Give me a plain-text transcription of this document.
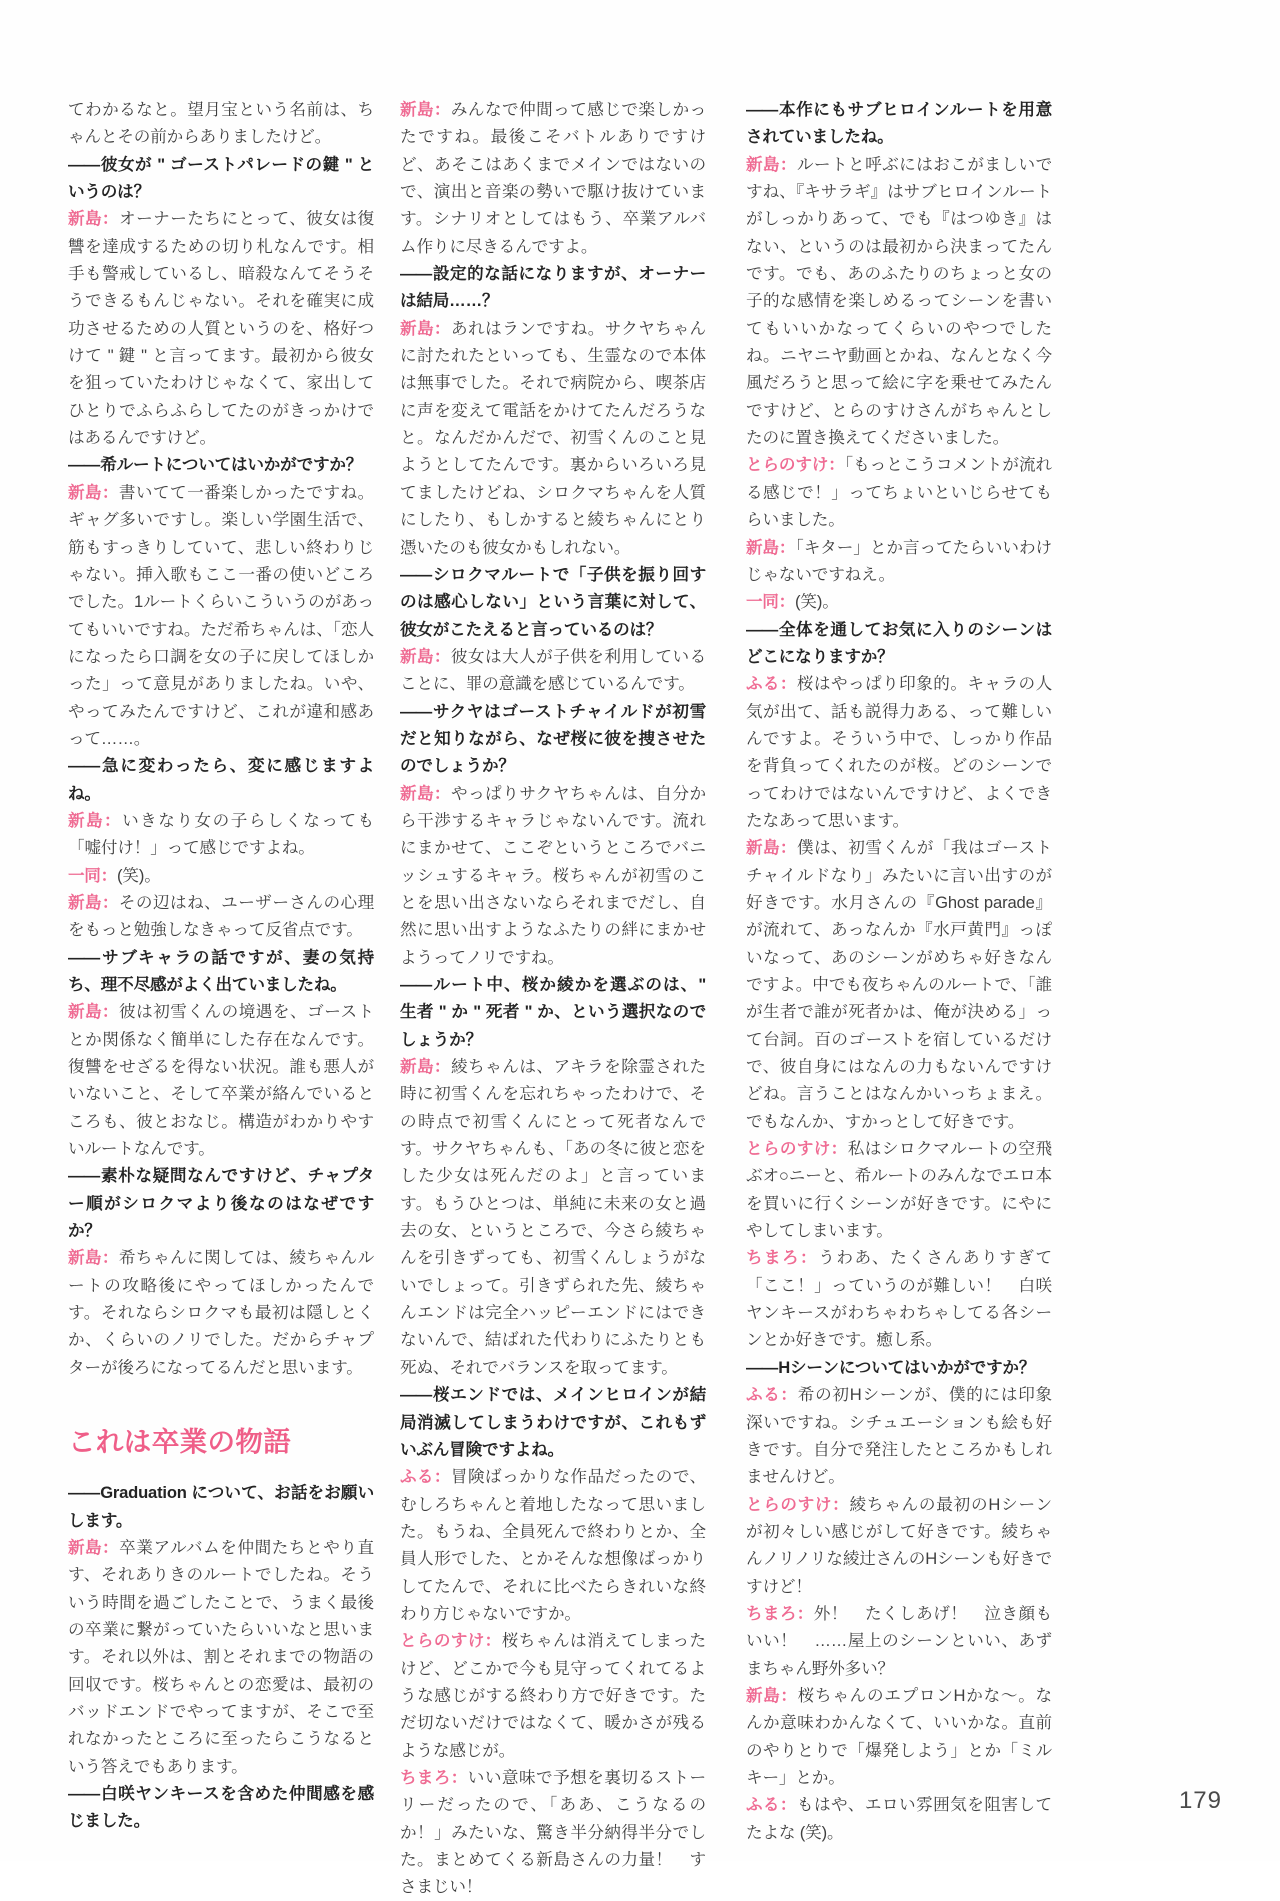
てわかるなと。望月宝という名前は、ちゃんとその前からありましたけど。

——彼女が " ゴーストパレードの鍵 " というのは？

新島：オーナーたちにとって、彼女は復讐を達成するための切り札なんです。相手も警戒しているし、暗殺なんてそうそうできるもんじゃない。それを確実に成功させるための人質というのを、格好つけて " 鍵 " と言ってます。最初から彼女を狙っていたわけじゃなくて、家出してひとりでふらふらしてたのがきっかけではあるんですけど。

——希ルートについてはいかがですか？

新島：書いてて一番楽しかったですね。ギャグ多いですし。楽しい学園生活で、筋もすっきりしていて、悲しい終わりじゃない。挿入歌もここ一番の使いどころでした。1ルートくらいこういうのがあってもいいですね。ただ希ちゃんは、「恋人になったら口調を女の子に戻してほしかった」って意見がありましたね。いや、やってみたんですけど、これが違和感あって……。

——急に変わったら、変に感じますよね。

新島：いきなり女の子らしくなっても「嘘付け！」って感じですよね。

一同：(笑)。

新島：その辺はね、ユーザーさんの心理をもっと勉強しなきゃって反省点です。

——サブキャラの話ですが、妻の気持ち、理不尽感がよく出ていましたね。

新島：彼は初雪くんの境遇を、ゴーストとか関係なく簡単にした存在なんです。復讐をせざるを得ない状況。誰も悪人がいないこと、そして卒業が絡んでいるところも、彼とおなじ。構造がわかりやすいルートなんです。

——素朴な疑問なんですけど、チャプター順がシロクマより後なのはなぜですか？

新島：希ちゃんに関しては、綾ちゃんルートの攻略後にやってほしかったんです。それならシロクマも最初は隠しとくか、くらいのノリでした。だからチャプターが後ろになってるんだと思います。

これは卒業の物語

——Graduation について、お話をお願いします。

新島：卒業アルバムを仲間たちとやり直す、それありきのルートでしたね。そういう時間を過ごしたことで、うまく最後の卒業に繋がっていたらいいなと思います。それ以外は、割とそれまでの物語の回収です。桜ちゃんとの恋愛は、最初のバッドエンドでやってますが、そこで至れなかったところに至ったらこうなるという答えでもあります。

——白咲ヤンキースを含めた仲間感を感じました。

新島：みんなで仲間って感じで楽しかったですね。最後こそバトルありですけど、あそこはあくまでメインではないので、演出と音楽の勢いで駆け抜けています。シナリオとしてはもう、卒業アルバム作りに尽きるんですよ。

——設定的な話になりますが、オーナーは結局……？

新島：あれはランですね。サクヤちゃんに討たれたといっても、生霊なので本体は無事でした。それで病院から、喫茶店に声を変えて電話をかけてたんだろうなと。なんだかんだで、初雪くんのこと見ようとしてたんです。裏からいろいろ見てましたけどね、シロクマちゃんを人質にしたり、もしかすると綾ちゃんにとり憑いたのも彼女かもしれない。

——シロクマルートで「子供を振り回すのは感心しない」という言葉に対して、彼女がこたえると言っているのは？

新島：彼女は大人が子供を利用していることに、罪の意識を感じているんです。

——サクヤはゴーストチャイルドが初雪だと知りながら、なぜ桜に彼を捜させたのでしょうか？

新島：やっぱりサクヤちゃんは、自分から干渉するキャラじゃないんです。流れにまかせて、ここぞというところでバニッシュするキャラ。桜ちゃんが初雪のことを思い出さないならそれまでだし、自然に思い出すようなふたりの絆にまかせようってノリですね。

——ルート中、桜か綾かを選ぶのは、" 生者 " か " 死者 " か、という選択なのでしょうか？

新島：綾ちゃんは、アキラを除霊された時に初雪くんを忘れちゃったわけで、その時点で初雪くんにとって死者なんです。サクヤちゃんも、「あの冬に彼と恋をした少女は死んだのよ」と言っています。もうひとつは、単純に未来の女と過去の女、というところで、今さら綾ちゃんを引きずっても、初雪くんしょうがないでしょって。引きずられた先、綾ちゃんエンドは完全ハッピーエンドにはできないんで、結ばれた代わりにふたりとも死ぬ、それでバランスを取ってます。

——桜エンドでは、メインヒロインが結局消滅してしまうわけですが、これもずいぶん冒険ですよね。

ふる：冒険ばっかりな作品だったので、むしろちゃんと着地したなって思いました。もうね、全員死んで終わりとか、全員人形でした、とかそんな想像ばっかりしてたんで、それに比べたらきれいな終わり方じゃないですか。

とらのすけ：桜ちゃんは消えてしまったけど、どこかで今も見守ってくれてるような感じがする終わり方で好きです。ただ切ないだけではなくて、暖かさが残るような感じが。

ちまろ：いい意味で予想を裏切るストーリーだったので、「ああ、こうなるのか！」みたいな、驚き半分納得半分でした。まとめてくる新島さんの力量！　すさまじい！

——本作にもサブヒロインルートを用意されていましたね。

新島：ルートと呼ぶにはおこがましいですね、『キサラギ』はサブヒロインルートがしっかりあって、でも『はつゆき』はない、というのは最初から決まってたんです。でも、あのふたりのちょっと女の子的な感情を楽しめるってシーンを書いてもいいかなってくらいのやつでしたね。ニヤニヤ動画とかね、なんとなく今風だろうと思って絵に字を乗せてみたんですけど、とらのすけさんがちゃんとしたのに置き換えてくださいました。

とらのすけ：「もっとこうコメントが流れる感じで！」ってちょいといじらせてもらいました。

新島：「キター」とか言ってたらいいわけじゃないですねえ。

一同：(笑)。

——全体を通してお気に入りのシーンはどこになりますか？

ふる：桜はやっぱり印象的。キャラの人気が出て、話も説得力ある、って難しいんですよ。そういう中で、しっかり作品を背負ってくれたのが桜。どのシーンでってわけではないんですけど、よくできたなあって思います。

新島：僕は、初雪くんが「我はゴーストチャイルドなり」みたいに言い出すのが好きです。水月さんの『Ghost parade』が流れて、あっなんか『水戸黄門』っぽいなって、あのシーンがめちゃ好きなんですよ。中でも夜ちゃんのルートで、「誰が生者で誰が死者かは、俺が決める」って台詞。百のゴーストを宿しているだけで、彼自身にはなんの力もないんですけどね。言うことはなんかいっちょまえ。でもなんか、すかっとして好きです。

とらのすけ：私はシロクマルートの空飛ぶオ○ニーと、希ルートのみんなでエロ本を買いに行くシーンが好きです。にやにやしてしまいます。

ちまろ：うわあ、たくさんありすぎて「ここ！」っていうのが難しい！　白咲ヤンキースがわちゃわちゃしてる各シーンとか好きです。癒し系。

——Hシーンについてはいかがですか？

ふる：希の初Hシーンが、僕的には印象深いですね。シチュエーションも絵も好きです。自分で発注したところかもしれませんけど。

とらのすけ：綾ちゃんの最初のHシーンが初々しい感じがして好きです。綾ちゃんノリノリな綾辻さんのHシーンも好きですけど！

ちまろ：外！　たくしあげ！　泣き顔もいい！　……屋上のシーンといい、あずまちゃん野外多い？

新島：桜ちゃんのエプロンHかな〜。なんか意味わかんなくて、いいかな。直前のやりとりで「爆発しよう」とか「ミルキー」とか。

ふる：もはや、エロい雰囲気を阻害してたよな (笑)。

179
